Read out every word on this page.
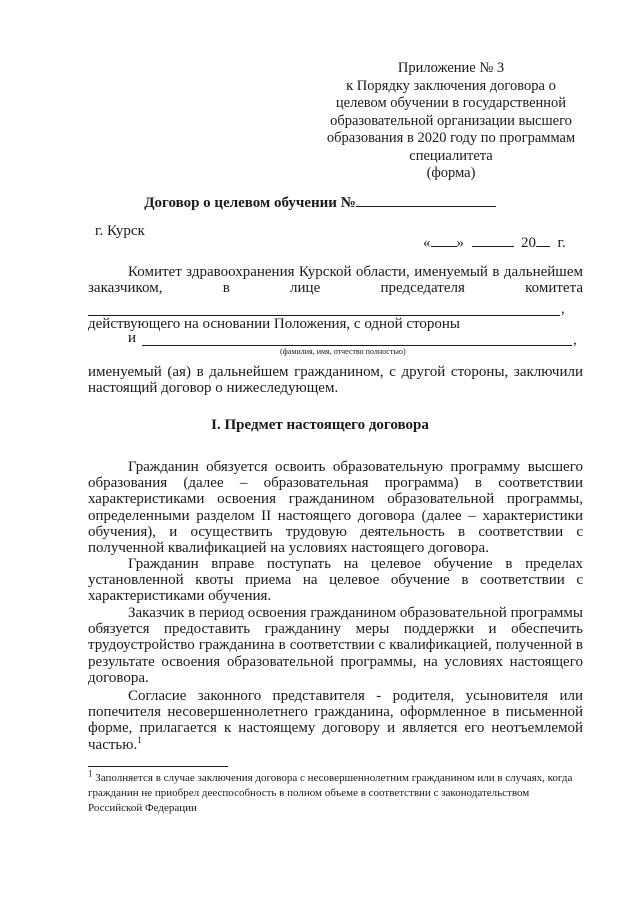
Приложение № 3
к Порядку заключения договора о
целевом обучении в государственной
образовательной организации высшего
образования в 2020 году по программам
специалитета
(форма)
Договор о целевом обучении №
г. Курск
« »	20 г.
Комитет здравоохранения Курской области, именуемый в дальнейшем заказчиком, в лице председателя комитета
,
действующего на основании Положения, с одной стороны
и	,
(фамилия, имя, отчество полностью)
именуемый (ая) в дальнейшем гражданином, с другой стороны, заключили настоящий договор о нижеследующем.
I. Предмет настоящего договора
Гражданин обязуется освоить образовательную программу высшего образования (далее – образовательная программа) в соответствии характеристиками освоения гражданином образовательной программы, определенными разделом II настоящего договора (далее – характеристики обучения), и осуществить трудовую деятельность в соответствии с полученной квалификацией на условиях настоящего договора.
Гражданин вправе поступать на целевое обучение в пределах установленной квоты приема на целевое обучение в соответствии с характеристиками обучения.
Заказчик в период освоения гражданином образовательной программы обязуется предоставить гражданину меры поддержки и обеспечить трудоустройство гражданина в соответствии с квалификацией, полученной в результате освоения образовательной программы, на условиях настоящего договора.
Согласие законного представителя - родителя, усыновителя или попечителя несовершеннолетнего гражданина, оформленное в письменной форме, прилагается к настоящему договору и является его неотъемлемой частью.$^1$
$^1$ Заполняется в случае заключения договора с несовершеннолетним гражданином или в случаях, когда гражданин не приобрел дееспособность в полном объеме в соответствии с законодательством Российской Федерации
